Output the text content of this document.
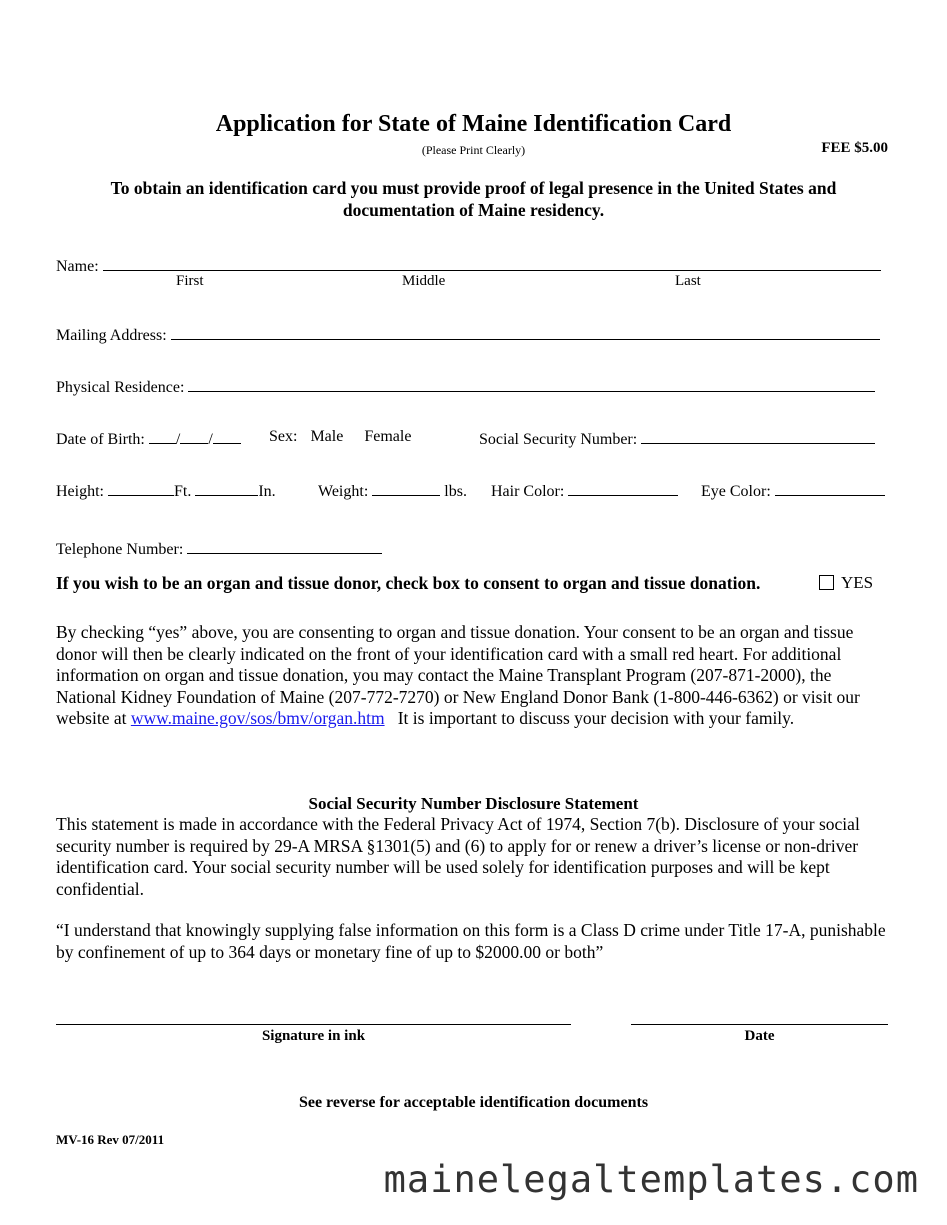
Application for State of Maine Identification Card
(Please Print Clearly)	FEE $5.00
To obtain an identification card you must provide proof of legal presence in the United States and documentation of Maine residency.
Name:
First	Middle	Last
Mailing Address:
Physical Residence:
Date of Birth: / /	Sex: Male Female	Social Security Number:
Height:	Ft.	In.	Weight:	lbs. Hair Color:	Eye Color:
Telephone Number:
If you wish to be an organ and tissue donor, check box to consent to organ and tissue donation.	YES
By checking “yes” above, you are consenting to organ and tissue donation. Your consent to be an organ and tissue donor will then be clearly indicated on the front of your identification card with a small red heart. For additional information on organ and tissue donation, you may contact the Maine Transplant Program (207-871-2000), the National Kidney Foundation of Maine (207-772-7270) or New England Donor Bank (1-800-446-6362) or visit our website at www.maine.gov/sos/bmv/organ.htm   It is important to discuss your decision with your family.
Social Security Number Disclosure Statement
This statement is made in accordance with the Federal Privacy Act of 1974, Section 7(b). Disclosure of your social security number is required by 29-A MRSA §1301(5) and (6) to apply for or renew a driver’s license or non-driver identification card. Your social security number will be used solely for identification purposes and will be kept confidential.
“I understand that knowingly supplying false information on this form is a Class D crime under Title 17-A, punishable by confinement of up to 364 days or monetary fine of up to $2000.00 or both”
Signature in ink	Date
See reverse for acceptable identification documents
MV-16 Rev 07/2011
mainelegaltemplates.com
